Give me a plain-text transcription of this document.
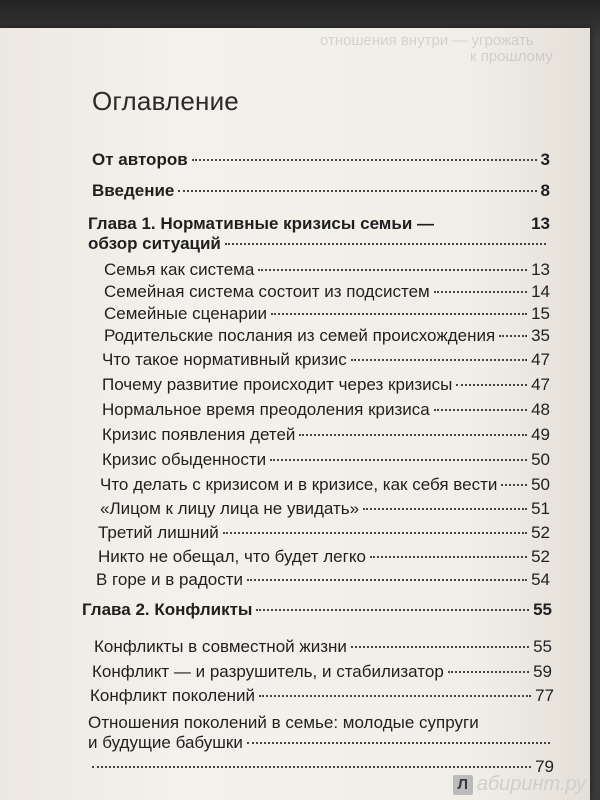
Оглавление
От авторов	3
Введение	8
Глава 1. Нормативные кризисы семьи —
обзор ситуаций
13
Семья как система	13
Семейная система состоит из подсистем	14
Семейные сценарии	15
Родительские послания из семей происхождения 35
Что такое нормативный кризис	47
Почему развитие происходит через кризисы	47
Нормальное время преодоления кризиса	48
Кризис появления детей	49
Кризис обыденности	50
Что делать с кризисом и в кризисе, как себя вести 50
«Лицом к лицу лица не увидать»	51
Третий лишний	52
Никто не обещал, что будет легко	52
В горе и в радости	54
Глава 2. Конфликты	55
Конфликты в совместной жизни	55
Конфликт — и разрушитель, и стабилизатор	59
Конфликт поколений	77
Отношения поколений в семье: молодые супруги
и будущие бабушки
79
Л абиринт.ру
